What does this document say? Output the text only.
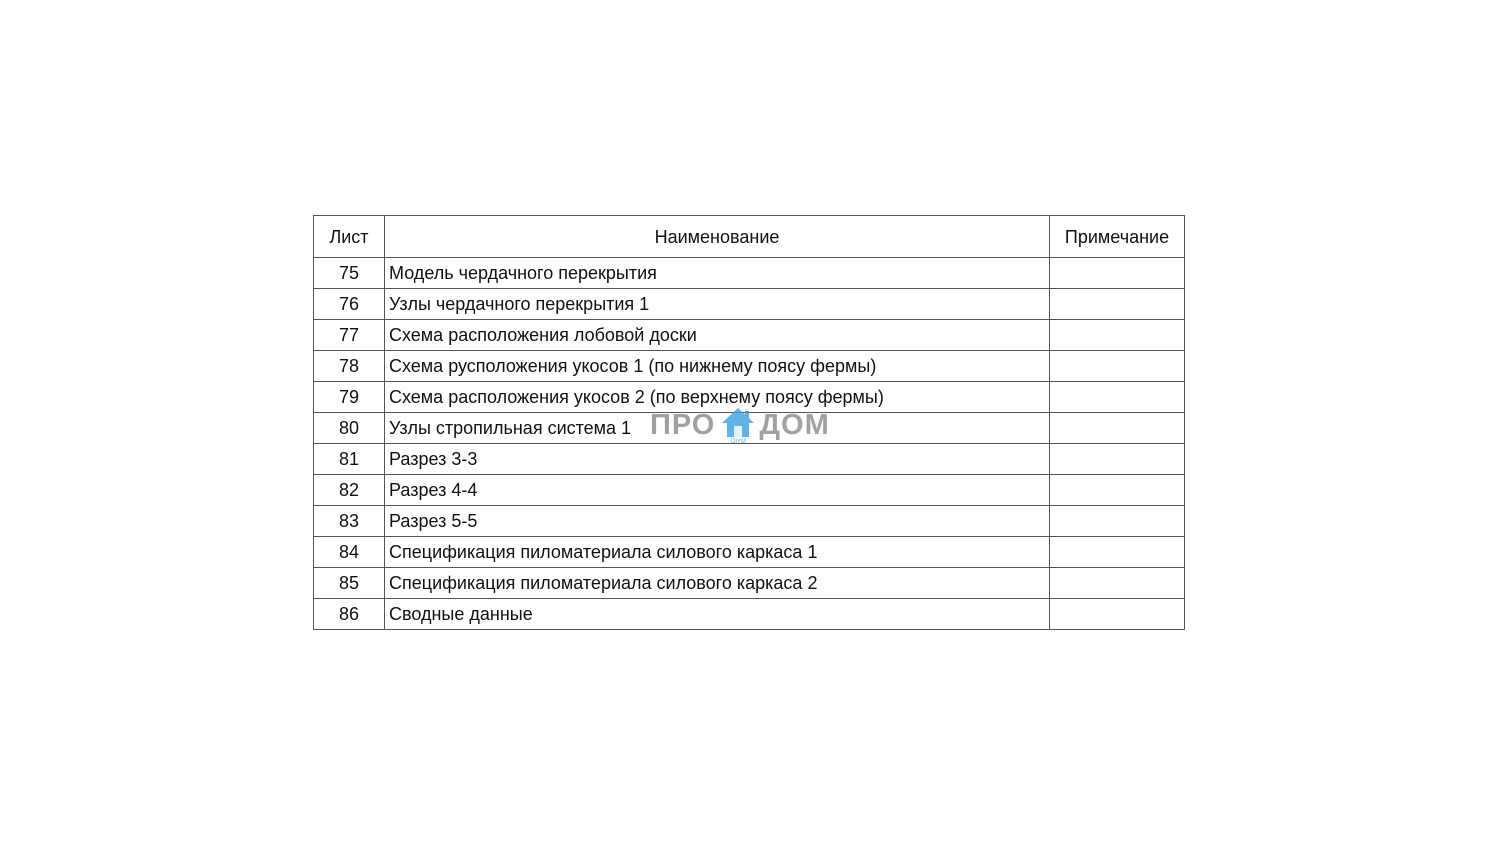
Лист	Наименование	Примечание
75	Модель чердачного перекрытия	
76	Узлы чердачного перекрытия 1	
77	Схема расположения лобовой доски	
78	Схема русположения укосов 1 (по нижнему поясу фермы)	
79	Схема расположения укосов 2 (по верхнему поясу фермы)	
80	Узлы стропильная система 1	
81	Разрез 3-3	
82	Разрез 4-4	
83	Разрез 5-5	
84	Спецификация пиломатериала силового каркаса 1	
85	Спецификация пиломатериала силового каркаса 2	
86	Сводные данные	
ПРО
DIYM
ДОМ
